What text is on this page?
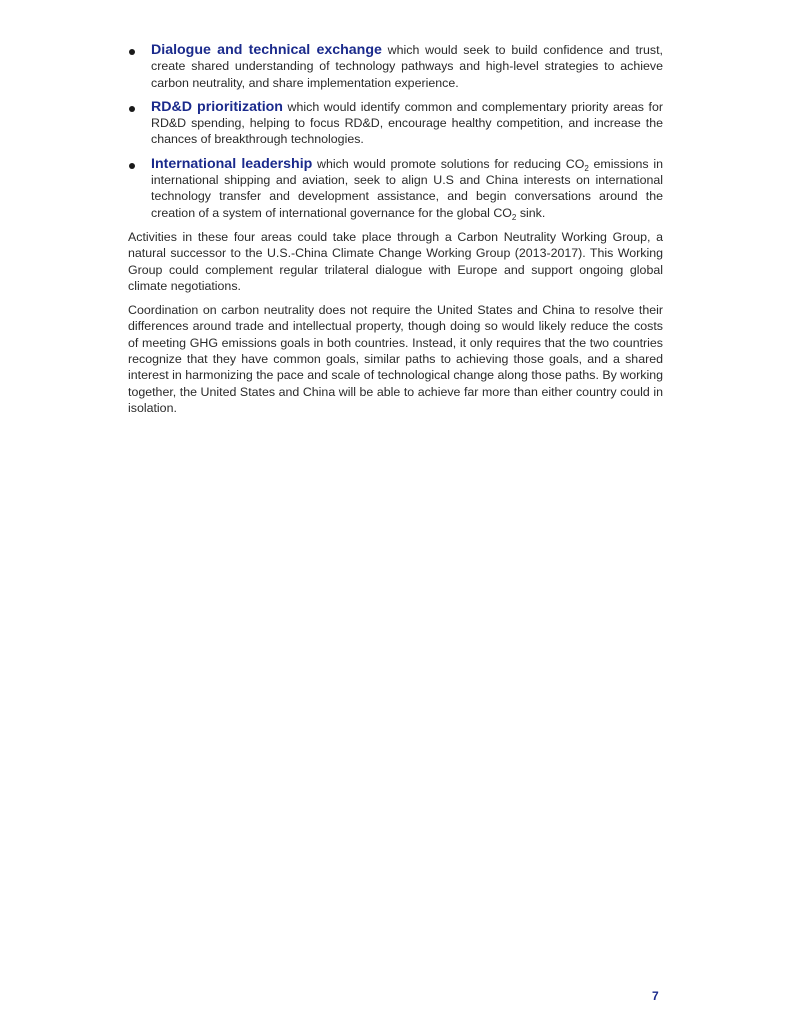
Dialogue and technical exchange which would seek to build confidence and trust, create shared understanding of technology pathways and high-level strategies to achieve carbon neutrality, and share implementation experience.
RD&D prioritization which would identify common and complementary priority areas for RD&D spending, helping to focus RD&D, encourage healthy competition, and increase the chances of breakthrough technologies.
International leadership which would promote solutions for reducing $CO_2$ emissions in international shipping and aviation, seek to align U.S and China interests on international technology transfer and development assistance, and begin conversations around the creation of a system of international governance for the global $CO_2$ sink.

Activities in these four areas could take place through a Carbon Neutrality Working Group, a natural successor to the U.S.-China Climate Change Working Group (2013-2017). This Working Group could complement regular trilateral dialogue with Europe and support ongoing global climate negotiations.

Coordination on carbon neutrality does not require the United States and China to resolve their differences around trade and intellectual property, though doing so would likely reduce the costs of meeting GHG emissions goals in both countries. Instead, it only requires that the two countries recognize that they have common goals, similar paths to achieving those goals, and a shared interest in harmonizing the pace and scale of technological change along those paths. By working together, the United States and China will be able to achieve far more than either country could in isolation.

7
